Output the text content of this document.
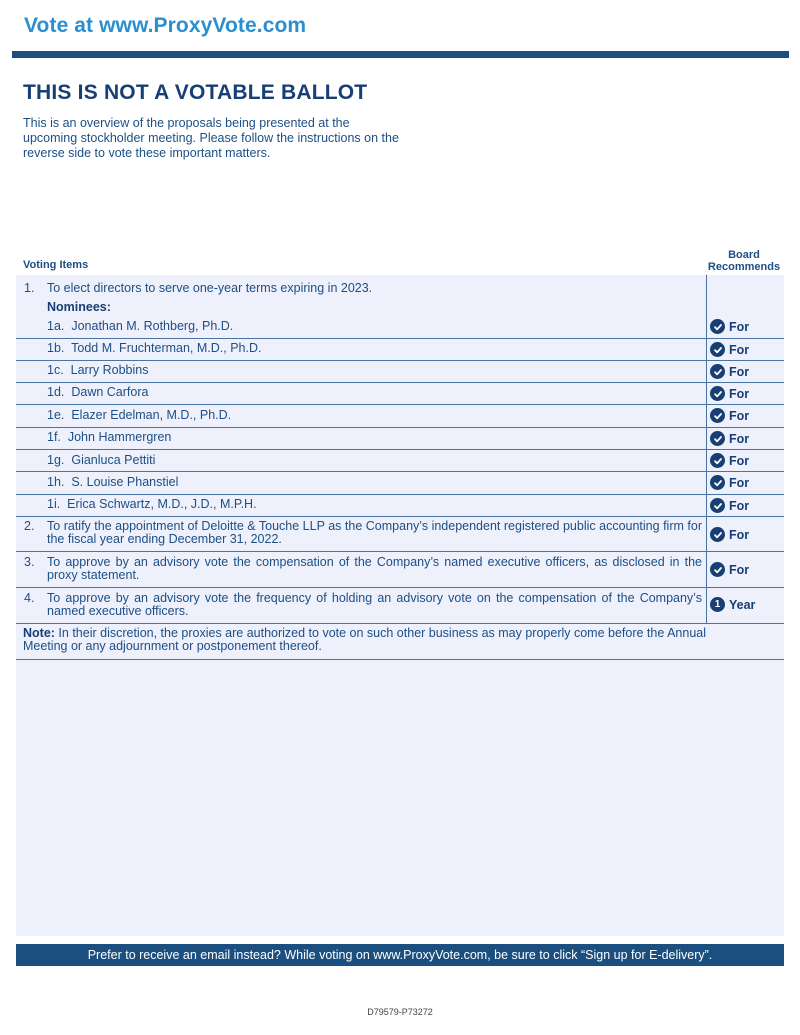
Vote at www.ProxyVote.com
THIS IS NOT A VOTABLE BALLOT
This is an overview of the proposals being presented at the upcoming stockholder meeting. Please follow the instructions on the reverse side to vote these important matters.
Voting Items
Board Recommends
1. To elect directors to serve one-year terms expiring in 2023.
Nominees:
1a. Jonathan M. Rothberg, Ph.D.	For
1b. Todd M. Fruchterman, M.D., Ph.D.	For
1c. Larry Robbins	For
1d. Dawn Carfora	For
1e. Elazer Edelman, M.D., Ph.D.	For
1f. John Hammergren	For
1g. Gianluca Pettiti	For
1h. S. Louise Phanstiel	For
1i. Erica Schwartz, M.D., J.D., M.P.H.	For
2. To ratify the appointment of Deloitte & Touche LLP as the Company’s independent registered public accounting firm for the fiscal year ending December 31, 2022.	For
3. To approve by an advisory vote the compensation of the Company’s named executive officers, as disclosed in the proxy statement.	For
4. To approve by an advisory vote the frequency of holding an advisory vote on the compensation of the Company’s named executive officers.	1 Year
Note: In their discretion, the proxies are authorized to vote on such other business as may properly come before the Annual Meeting or any adjournment or postponement thereof.
Prefer to receive an email instead? While voting on www.ProxyVote.com, be sure to click “Sign up for E-delivery”.
D79579-P73272
